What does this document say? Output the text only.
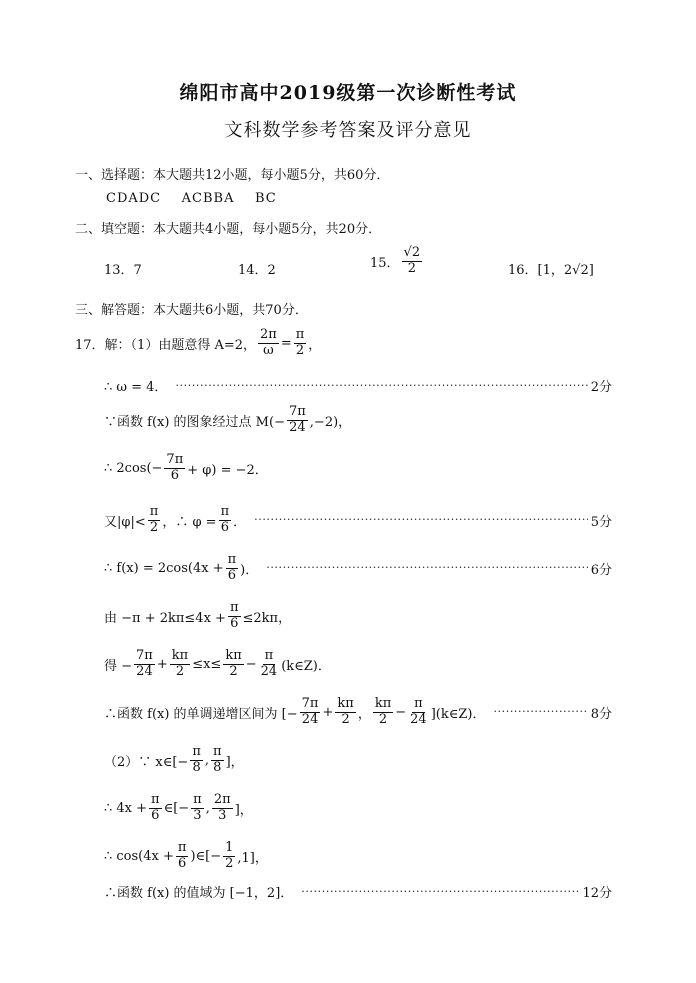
绵阳市高中2019级第一次诊断性考试
文科数学参考答案及评分意见
一、选择题：本大题共12小题，每小题5分，共60分．
CDADC    ACBBA    BC
二、填空题：本大题共4小题，每小题5分，共20分．
13．7	14．2	15． $\frac{√2}{2}$	16．[1，2√2]
三、解答题：本大题共6小题，共70分．
17．解：（1）由题意得 A=2， $\frac{2\pi}{\omega} = \frac{\pi}{2}$ ，
∴ ω = 4． ·····	2分
∵函数 f(x) 的图象经过点 $M(- \frac{7\pi}{24} ,-2)$，
∴ $2\cos(- \frac{7\pi}{6} + \varphi) = -2$．
又$|\varphi|< \frac{\pi}{2}$ ，∴ $\varphi = \frac{\pi}{6}$ ． ·····	5分
∴ $f(x) = 2\cos(4x + \frac{\pi}{6}$ )． ·····	6分
由 $-\pi + 2k\pi\le 4x + \frac{\pi}{6} \le 2k\pi$，
得 − $\frac{7\pi}{24} + \frac{k\pi}{2} \le x\le \frac{k\pi}{2} - \frac{\pi}{24}$ (k∈Z)．
∴函数 f(x) 的单调递增区间为 [− $\frac{7\pi}{24} + \frac{k\pi}{2}$ ， $\frac{k\pi}{2} - \frac{\pi}{24}$ ](k∈Z)． ·····	8分
（2）∵ x∈[− $\frac{\pi}{8}$ , $\frac{\pi}{8}$ ]，
∴ $4x + \frac{\pi}{6}$ ∈[− $\frac{\pi}{3}$ , $\frac{2\pi}{3}$ ]，
∴ $\cos(4x + \frac{\pi}{6}$ )∈[− $\frac{1}{2} ,1$]，
∴函数 f(x) 的值域为 [−1，2]． ·····	12分
